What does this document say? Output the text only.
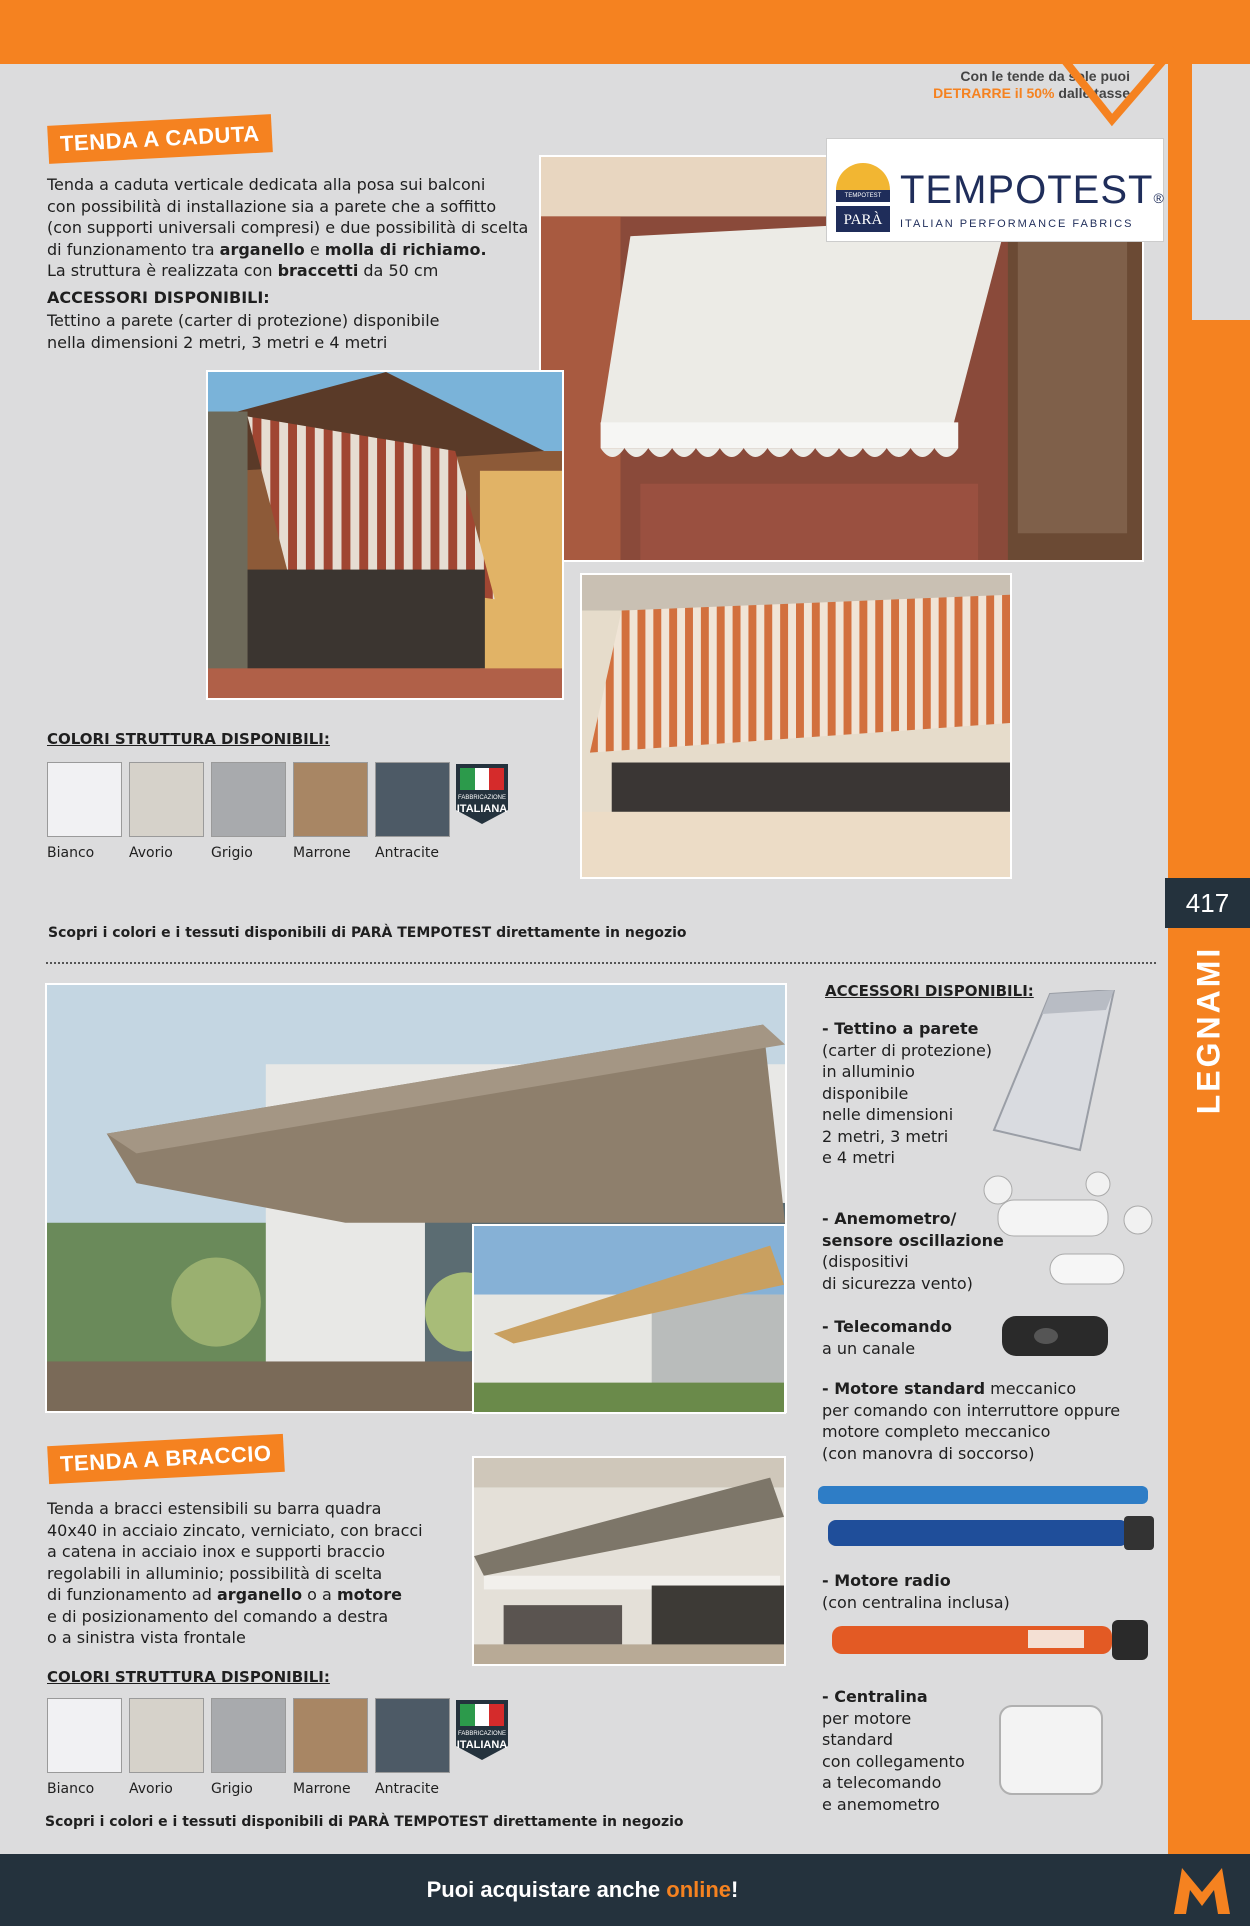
Con le tende da sole puoi
DETRARRE il 50% dalle tasse
TENDA A CADUTA
Tenda a caduta verticale dedicata alla posa sui balconi
con possibilità di installazione sia a parete che a soffitto
(con supporti universali compresi) e due possibilità di scelta
di funzionamento tra arganello e molla di richiamo.
La struttura è realizzata con braccetti da 50 cm
ACCESSORI DISPONIBILI:
Tettino a parete (carter di protezione) disponibile
nella dimensioni 2 metri, 3 metri e 4 metri
TEMPOTEST
PARÀ
TEMPOTEST®
ITALIAN PERFORMANCE FABRICS
COLORI STRUTTURA DISPONIBILI:
Bianco	Avorio	Grigio	Marrone	Antracite
FABBRICAZIONE
ITALIANA
Scopri i colori e i tessuti disponibili di PARÀ TEMPOTEST direttamente in negozio
417
LEGNAMI
TENDA A BRACCIO
Tenda a bracci estensibili su barra quadra
40x40 in acciaio zincato, verniciato, con bracci
a catena in acciaio inox e supporti braccio
regolabili in alluminio; possibilità di scelta
di funzionamento ad arganello o a motore
e di posizionamento del comando a destra
o a sinistra vista frontale
COLORI STRUTTURA DISPONIBILI:
Bianco	Avorio	Grigio	Marrone	Antracite
FABBRICAZIONE
ITALIANA
Scopri i colori e i tessuti disponibili di PARÀ TEMPOTEST direttamente in negozio
ACCESSORI DISPONIBILI:
- Tettino a parete
(carter di protezione)
in alluminio
disponibile
nelle dimensioni
2 metri, 3 metri
e 4 metri
- Anemometro/
sensore oscillazione
(dispositivi
di sicurezza vento)
- Telecomando
a un canale
- Motore standard meccanico
per comando con interruttore oppure
motore completo meccanico
(con manovra di soccorso)
- Motore radio
(con centralina inclusa)
- Centralina
per motore
standard
con collegamento
a telecomando
e anemometro
Puoi acquistare anche online!
